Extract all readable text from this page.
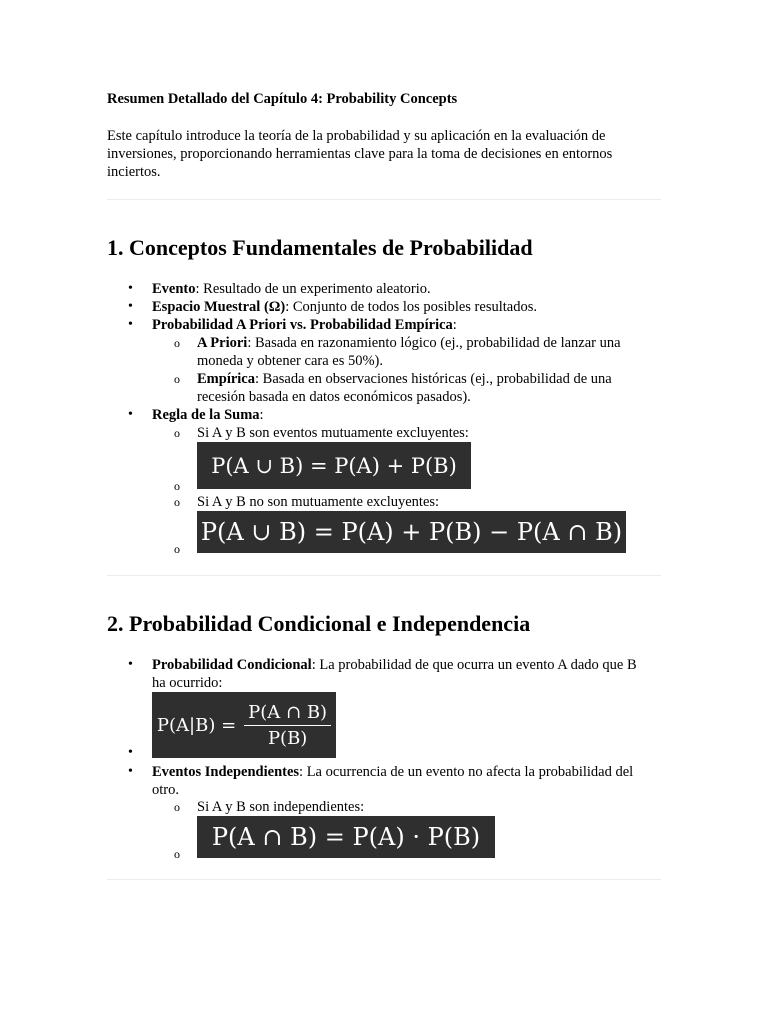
Resumen Detallado del Capítulo 4: Probability Concepts
Este capítulo introduce la teoría de la probabilidad y su aplicación en la evaluación de
inversiones, proporcionando herramientas clave para la toma de decisiones en entornos
inciertos.
1. Conceptos Fundamentales de Probabilidad
• Evento: Resultado de un experimento aleatorio.
• Espacio Muestral (Ω): Conjunto de todos los posibles resultados.
• Probabilidad A Priori vs. Probabilidad Empírica:
o A Priori: Basada en razonamiento lógico (ej., probabilidad de lanzar una
moneda y obtener cara es 50%).
o Empírica: Basada en observaciones históricas (ej., probabilidad de una
recesión basada en datos económicos pasados).
• Regla de la Suma:
o Si A y B son eventos mutuamente excluyentes:
o
P(A ∪ B) = P(A) + P(B)
o Si A y B no son mutuamente excluyentes:
o
P(A ∪ B) = P(A) + P(B) − P(A ∩ B)
2. Probabilidad Condicional e Independencia
• Probabilidad Condicional: La probabilidad de que ocurra un evento A dado que B
ha ocurrido:
$P(A|B) = \frac{P(A \cap B)}{P(B)}$
•
• Eventos Independientes: La ocurrencia de un evento no afecta la probabilidad del
otro.
o Si A y B son independientes:
o
P(A ∩ B) = P(A) · P(B)
